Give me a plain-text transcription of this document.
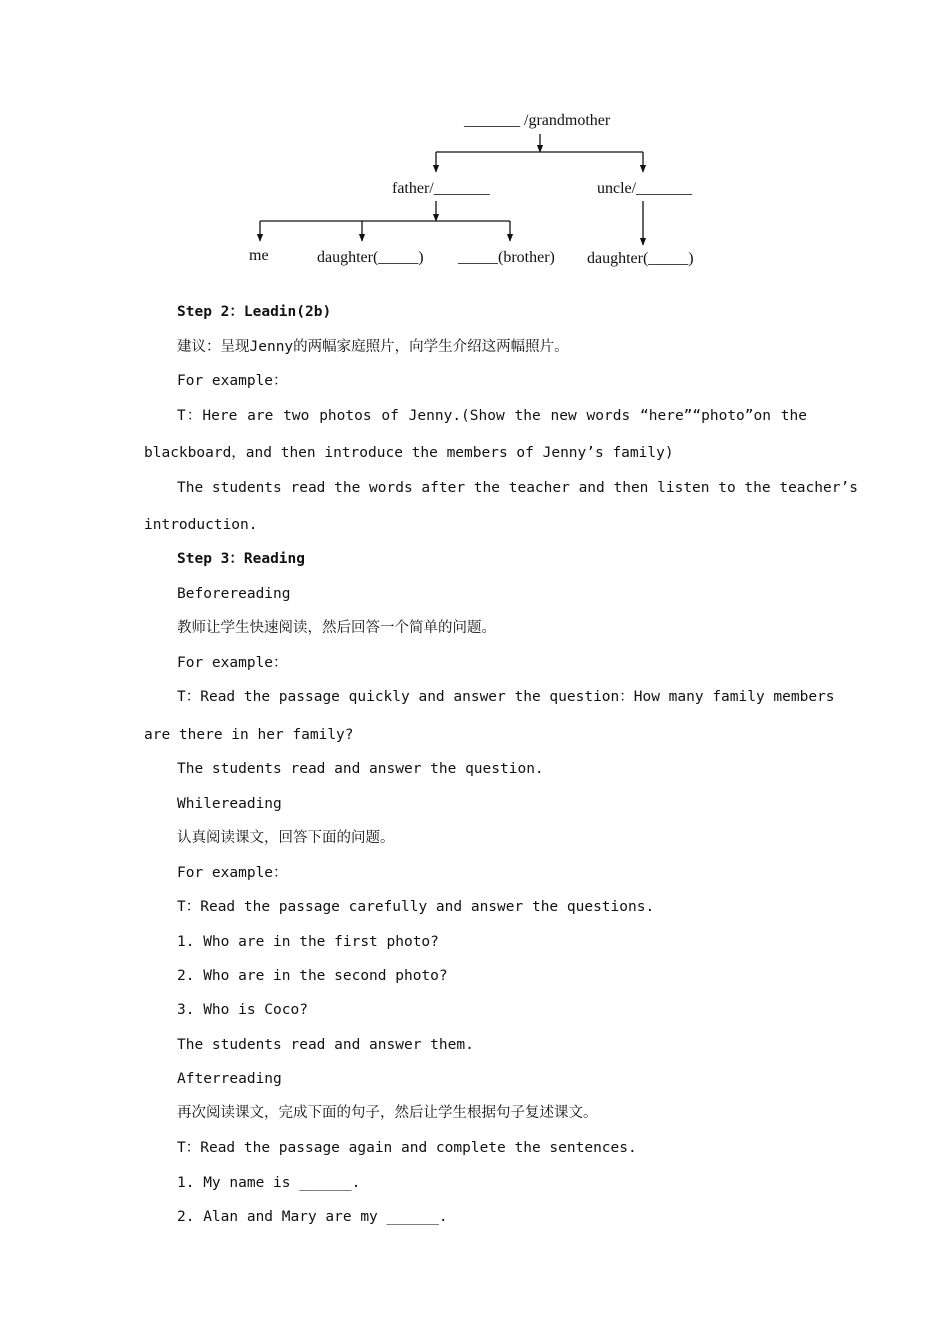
_______ /grandmother
father/_______	uncle/_______
me	daughter(_____) _____(brother) daughter(_____)
Step 2：Leadin(2b)
建议：呈现Jenny的两幅家庭照片，向学生介绍这两幅照片。
For example：
T：Here are two photos of Jenny.(Show the new words “here”“photo”on the
blackboard，and then introduce the members of Jenny’s family)
The students read the words after the teacher and then listen to the teacher’s
introduction.
Step 3：Reading
Beforereading
教师让学生快速阅读，然后回答一个简单的问题。
For example：
T：Read the passage quickly and answer the question：How many family members
are there in her family?
The students read and answer the question.
Whilereading
认真阅读课文，回答下面的问题。
For example：
T：Read the passage carefully and answer the questions.
1. Who are in the first photo?
2. Who are in the second photo?
3. Who is Coco?
The students read and answer them.
Afterreading
再次阅读课文，完成下面的句子，然后让学生根据句子复述课文。
T：Read the passage again and complete the sentences.
1. My name is ______.
2. Alan and Mary are my ______.
